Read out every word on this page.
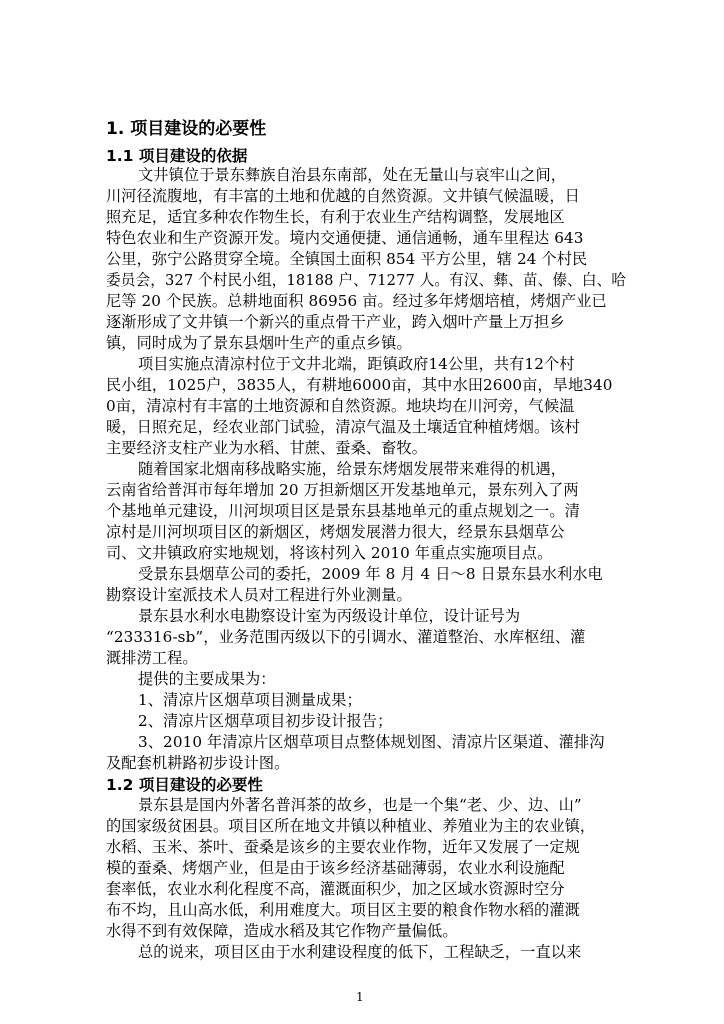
1. 项目建设的必要性
1.1 项目建设的依据
文井镇位于景东彝族自治县东南部，处在无量山与哀牢山之间，
川河径流腹地，有丰富的土地和优越的自然资源。文井镇气候温暖，日
照充足，适宜多种农作物生长，有利于农业生产结构调整，发展地区
特色农业和生产资源开发。境内交通便捷、通信通畅，通车里程达 643
公里，弥宁公路贯穿全境。全镇国土面积 854 平方公里，辖 24 个村民
委员会，327 个村民小组，18188 户、71277 人。有汉、彝、苗、傣、白、哈
尼等 20 个民族。总耕地面积 86956 亩。经过多年烤烟培植，烤烟产业已
逐渐形成了文井镇一个新兴的重点骨干产业，跨入烟叶产量上万担乡
镇，同时成为了景东县烟叶生产的重点乡镇。
项目实施点清凉村位于文井北端，距镇政府14公里，共有12个村
民小组，1025户，3835人，有耕地6000亩，其中水田2600亩，旱地340
0亩，清凉村有丰富的土地资源和自然资源。地块均在川河旁，气候温
暖，日照充足，经农业部门试验，清凉气温及土壤适宜种植烤烟。该村
主要经济支柱产业为水稻、甘蔗、蚕桑、畜牧。
随着国家北烟南移战略实施，给景东烤烟发展带来难得的机遇，
云南省给普洱市每年增加 20 万担新烟区开发基地单元，景东列入了两
个基地单元建设，川河坝项目区是景东县基地单元的重点规划之一。清
凉村是川河坝项目区的新烟区，烤烟发展潜力很大，经景东县烟草公
司、文井镇政府实地规划，将该村列入 2010 年重点实施项目点。
受景东县烟草公司的委托，2009 年 8 月 4 日～8 日景东县水利水电
勘察设计室派技术人员对工程进行外业测量。
景东县水利水电勘察设计室为丙级设计单位，设计证号为
“233316-sb”，业务范围丙级以下的引调水、灌道整治、水库枢纽、灌
溉排涝工程。
提供的主要成果为：
1、清凉片区烟草项目测量成果；
2、清凉片区烟草项目初步设计报告；
3、2010 年清凉片区烟草项目点整体规划图、清凉片区渠道、灌排沟
及配套机耕路初步设计图。
1.2 项目建设的必要性
景东县是国内外著名普洱茶的故乡，也是一个集“老、少、边、山”
的国家级贫困县。项目区所在地文井镇以种植业、养殖业为主的农业镇，
水稻、玉米、茶叶、蚕桑是该乡的主要农业作物，近年又发展了一定规
模的蚕桑、烤烟产业，但是由于该乡经济基础薄弱，农业水利设施配
套率低，农业水利化程度不高，灌溉面积少，加之区域水资源时空分
布不均，且山高水低，利用难度大。项目区主要的粮食作物水稻的灌溉
水得不到有效保障，造成水稻及其它作物产量偏低。
总的说来，项目区由于水利建设程度的低下，工程缺乏，一直以来
1
